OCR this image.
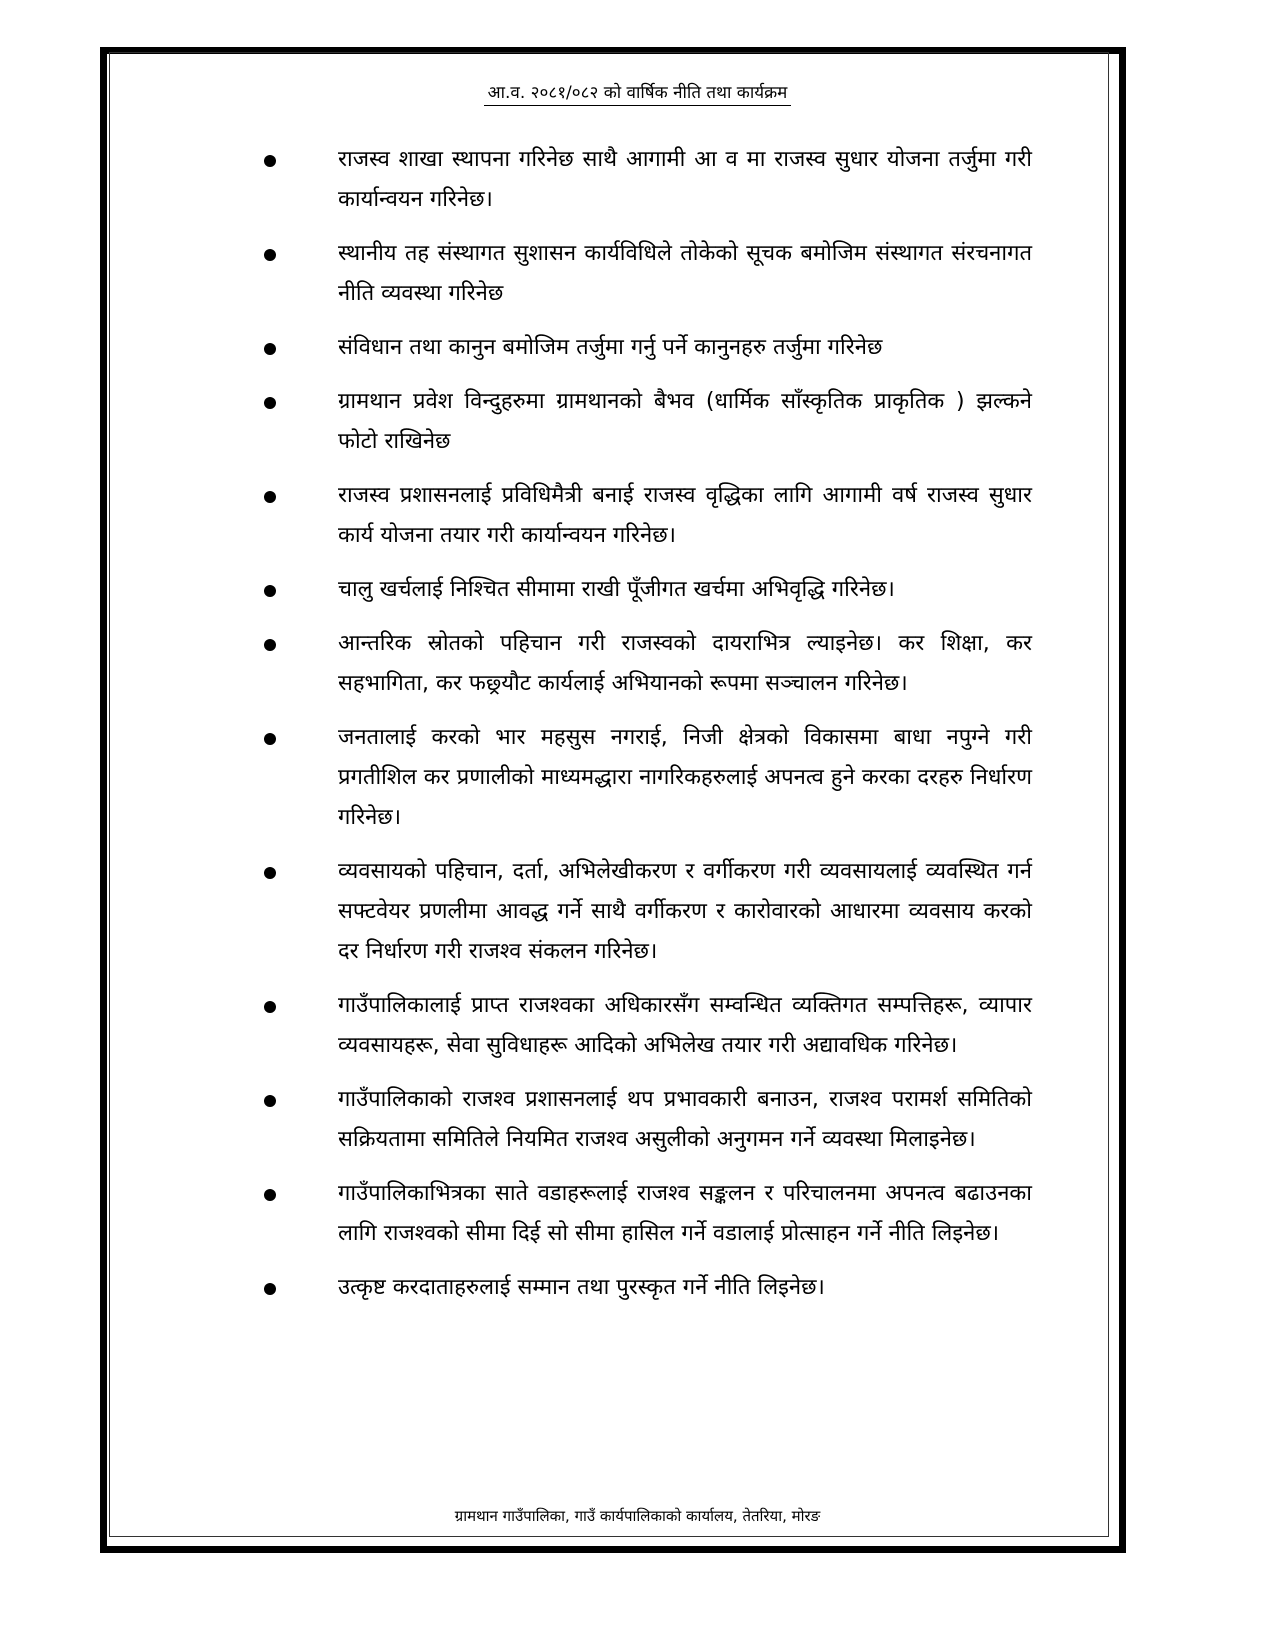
आ.व. २०८१/०८२ को वार्षिक नीति तथा कार्यक्रम
राजस्व शाखा स्थापना गरिनेछ साथै आगामी आ व मा राजस्व सुधार योजना तर्जुमा गरी कार्यान्वयन गरिनेछ।
स्थानीय तह संस्थागत सुशासन कार्यविधिले तोकेको सूचक बमोजिम संस्थागत संरचनागत नीति व्यवस्था गरिनेछ
संविधान तथा कानुन बमोजिम तर्जुमा गर्नु पर्ने कानुनहरु तर्जुमा गरिनेछ
ग्रामथान प्रवेश विन्दुहरुमा ग्रामथानको बैभव (धार्मिक साँस्कृतिक प्राकृतिक ) झल्कने फोटो राखिनेछ
राजस्व प्रशासनलाई प्रविधिमैत्री बनाई राजस्व वृद्धिका लागि आगामी वर्ष राजस्व सुधार कार्य योजना तयार गरी कार्यान्वयन गरिनेछ।
चालु खर्चलाई निश्चित सीमामा राखी पूँजीगत खर्चमा अभिवृद्धि गरिनेछ।
आन्तरिक स्रोतको पहिचान गरी राजस्वको दायराभित्र ल्याइनेछ। कर शिक्षा, कर सहभागिता, कर फछ्र्यौट कार्यलाई अभियानको रूपमा सञ्चालन गरिनेछ।
जनतालाई करको भार महसुस नगराई, निजी क्षेत्रको विकासमा बाधा नपुग्ने गरी प्रगतीशिल कर प्रणालीको माध्यमद्धारा नागरिकहरुलाई अपनत्व हुने करका दरहरु निर्धारण गरिनेछ।
व्यवसायको पहिचान, दर्ता, अभिलेखीकरण र वर्गीकरण गरी व्यवसायलाई व्यवस्थित गर्न सफ्टवेयर प्रणलीमा आवद्ध गर्ने साथै वर्गीकरण र कारोवारको आधारमा व्यवसाय करको दर निर्धारण गरी राजश्व संकलन गरिनेछ।
गाउँपालिकालाई प्राप्त राजश्वका अधिकारसँग सम्वन्धित व्यक्तिगत सम्पत्तिहरू, व्यापार व्यवसायहरू, सेवा सुविधाहरू आदिको अभिलेख तयार गरी अद्यावधिक गरिनेछ।
गाउँपालिकाको राजश्व प्रशासनलाई थप प्रभावकारी बनाउन, राजश्व परामर्श समितिको सक्रियतामा समितिले नियमित राजश्व असुलीको अनुगमन गर्ने व्यवस्था मिलाइनेछ।
गाउँपालिकाभित्रका साते वडाहरूलाई राजश्व सङ्कलन र परिचालनमा अपनत्व बढाउनका लागि राजश्वको सीमा दिई सो सीमा हासिल गर्ने वडालाई प्रोत्साहन गर्ने नीति लिइनेछ।
उत्कृष्ट करदाताहरुलाई सम्मान तथा पुरस्कृत गर्ने नीति लिइनेछ।
ग्रामथान गाउँपालिका, गाउँ कार्यपालिकाको कार्यालय, तेतरिया, मोरङ
